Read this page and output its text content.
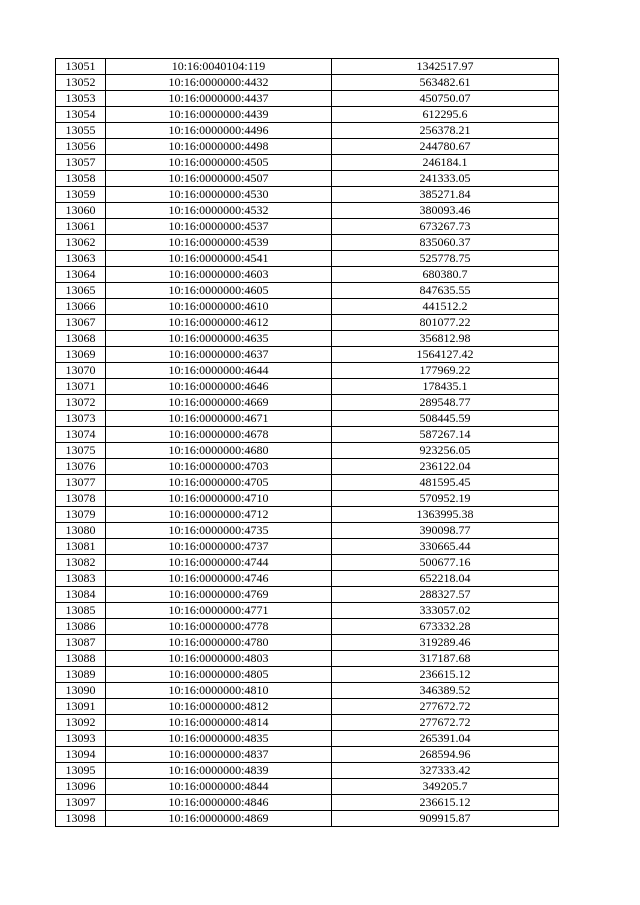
13051	10:16:0040104:119	1342517.97
13052	10:16:0000000:4432	563482.61
13053	10:16:0000000:4437	450750.07
13054	10:16:0000000:4439	612295.6
13055	10:16:0000000:4496	256378.21
13056	10:16:0000000:4498	244780.67
13057	10:16:0000000:4505	246184.1
13058	10:16:0000000:4507	241333.05
13059	10:16:0000000:4530	385271.84
13060	10:16:0000000:4532	380093.46
13061	10:16:0000000:4537	673267.73
13062	10:16:0000000:4539	835060.37
13063	10:16:0000000:4541	525778.75
13064	10:16:0000000:4603	680380.7
13065	10:16:0000000:4605	847635.55
13066	10:16:0000000:4610	441512.2
13067	10:16:0000000:4612	801077.22
13068	10:16:0000000:4635	356812.98
13069	10:16:0000000:4637	1564127.42
13070	10:16:0000000:4644	177969.22
13071	10:16:0000000:4646	178435.1
13072	10:16:0000000:4669	289548.77
13073	10:16:0000000:4671	508445.59
13074	10:16:0000000:4678	587267.14
13075	10:16:0000000:4680	923256.05
13076	10:16:0000000:4703	236122.04
13077	10:16:0000000:4705	481595.45
13078	10:16:0000000:4710	570952.19
13079	10:16:0000000:4712	1363995.38
13080	10:16:0000000:4735	390098.77
13081	10:16:0000000:4737	330665.44
13082	10:16:0000000:4744	500677.16
13083	10:16:0000000:4746	652218.04
13084	10:16:0000000:4769	288327.57
13085	10:16:0000000:4771	333057.02
13086	10:16:0000000:4778	673332.28
13087	10:16:0000000:4780	319289.46
13088	10:16:0000000:4803	317187.68
13089	10:16:0000000:4805	236615.12
13090	10:16:0000000:4810	346389.52
13091	10:16:0000000:4812	277672.72
13092	10:16:0000000:4814	277672.72
13093	10:16:0000000:4835	265391.04
13094	10:16:0000000:4837	268594.96
13095	10:16:0000000:4839	327333.42
13096	10:16:0000000:4844	349205.7
13097	10:16:0000000:4846	236615.12
13098	10:16:0000000:4869	909915.87
